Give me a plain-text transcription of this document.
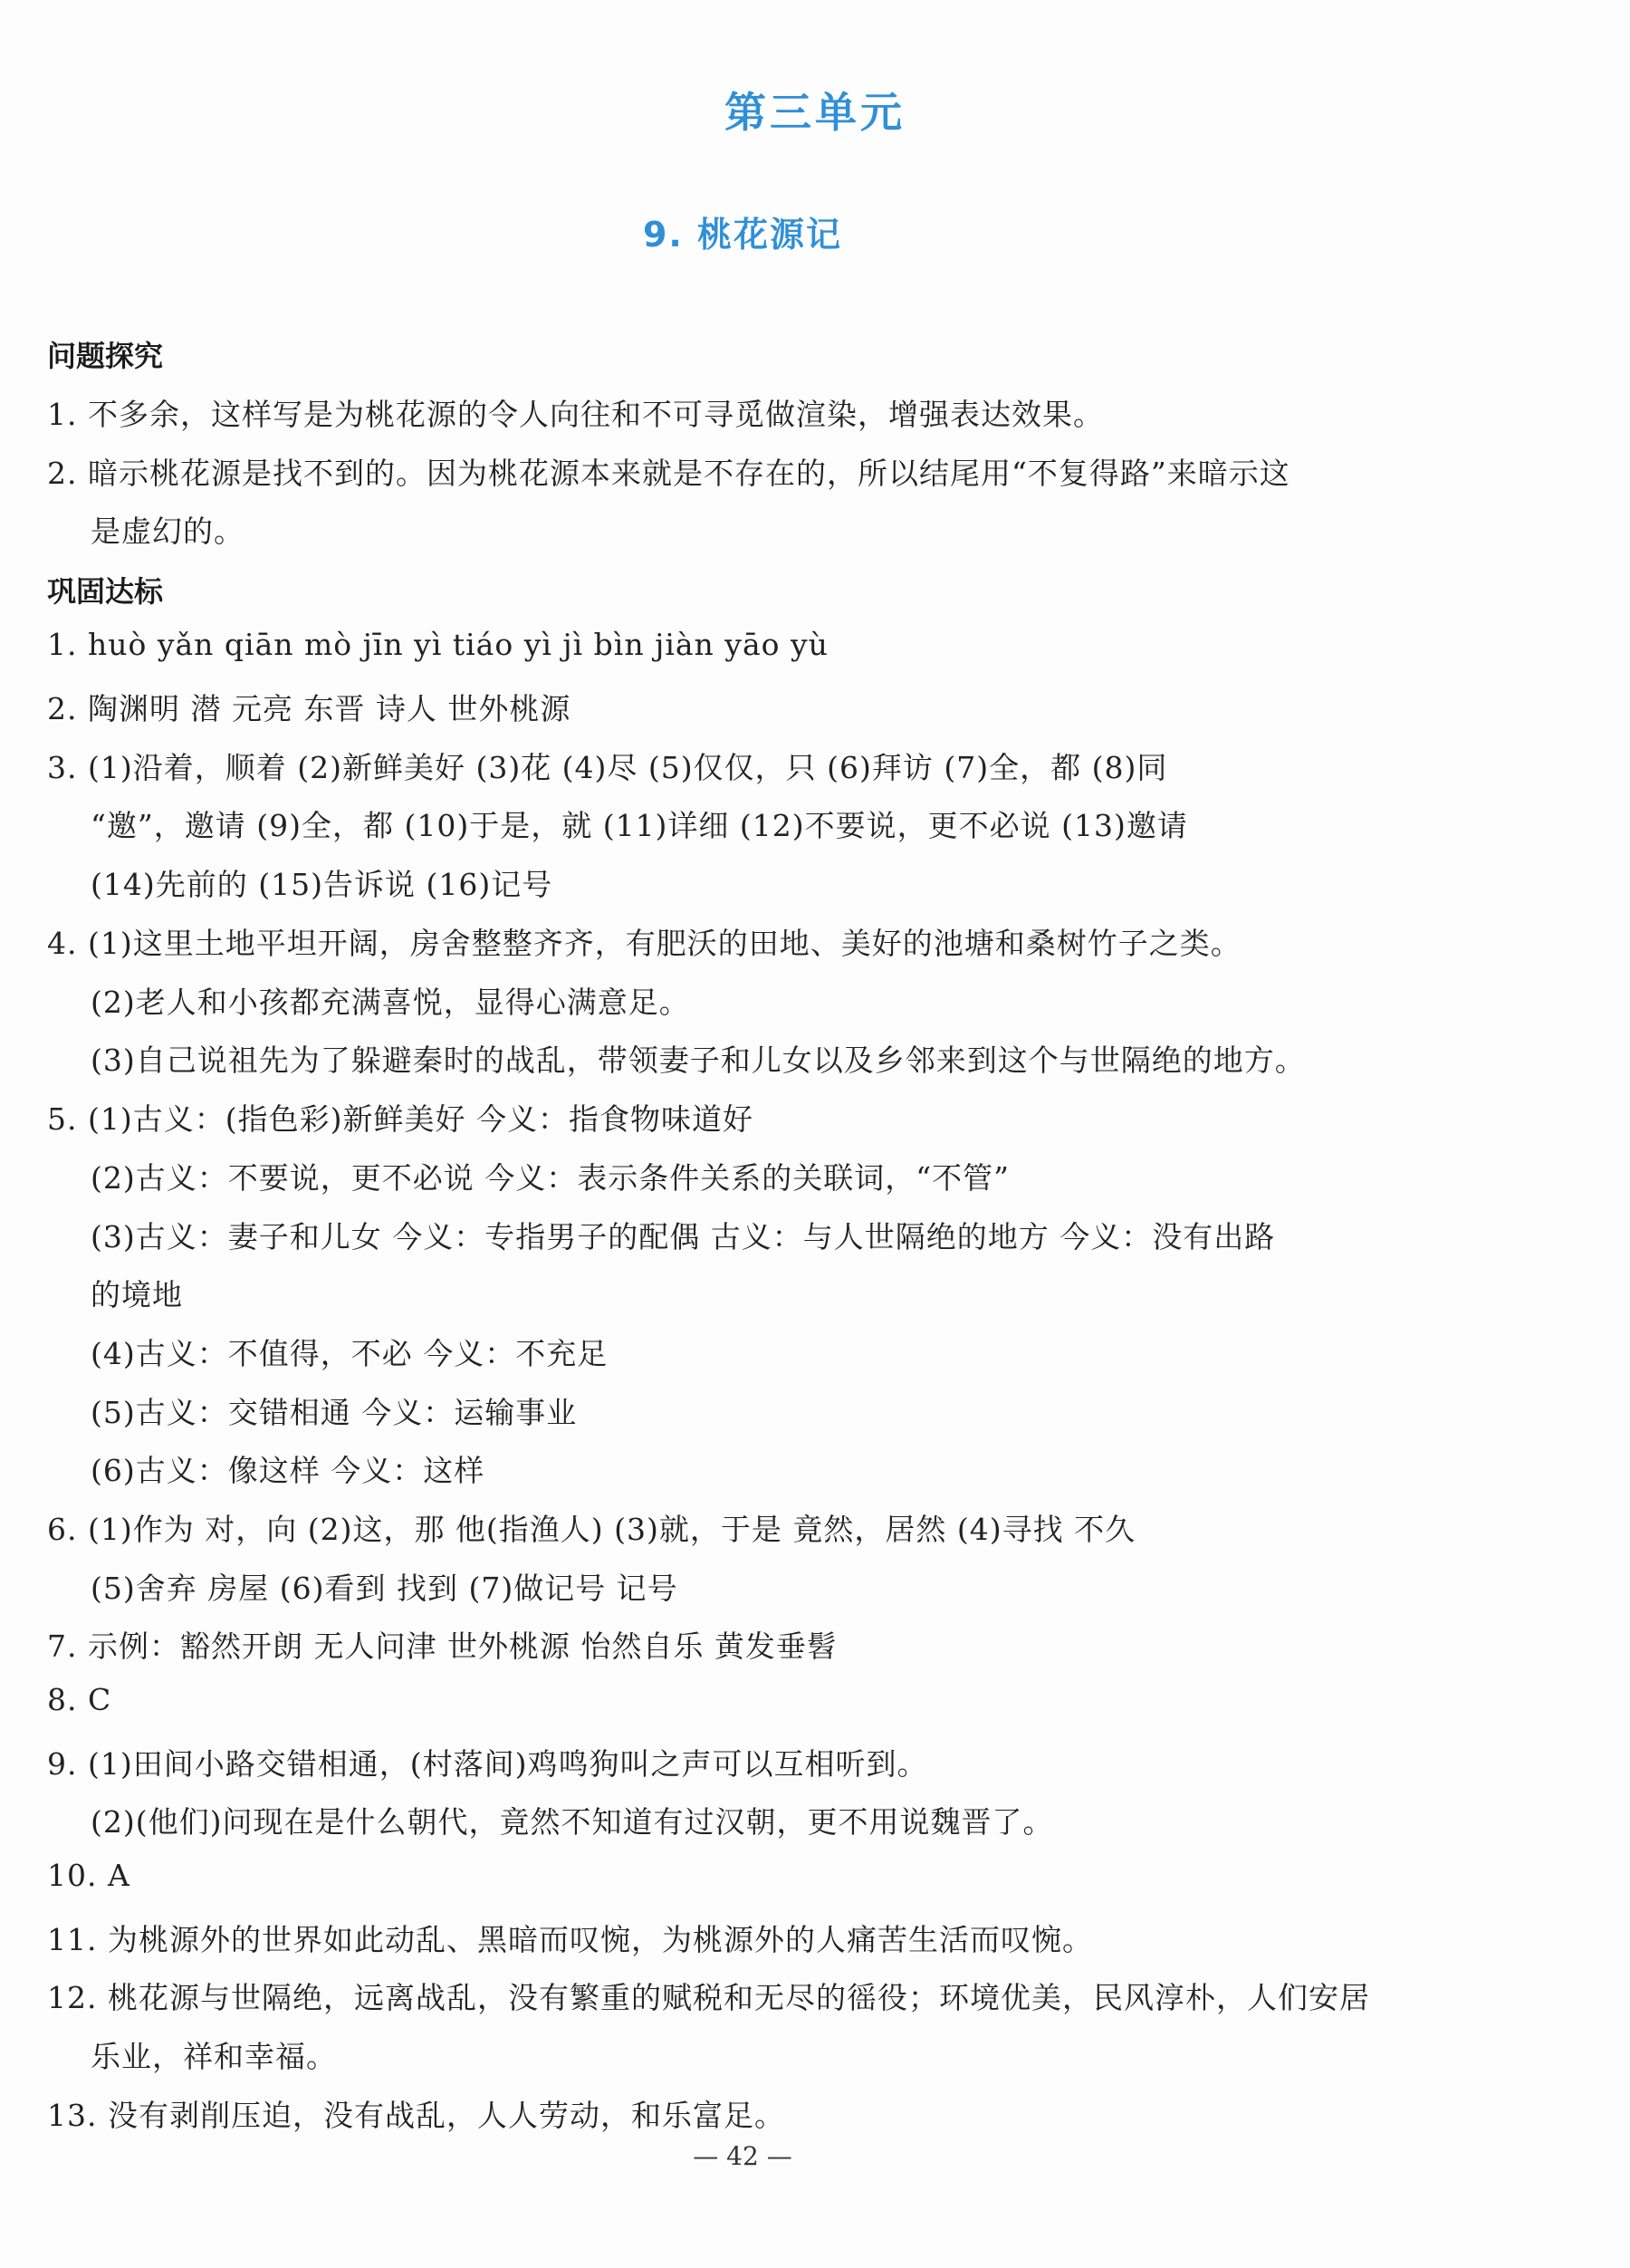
第三单元
9. 桃花源记
问题探究
1. 不多余，这样写是为桃花源的令人向往和不可寻觅做渲染，增强表达效果。
2. 暗示桃花源是找不到的。因为桃花源本来就是不存在的，所以结尾用“不复得路”来暗示这
是虚幻的。
巩固达标
1. huò yǎn qiān mò jīn yì tiáo yì jì bìn jiàn yāo yù
2. 陶渊明 潜 元亮 东晋 诗人 世外桃源
3. (1)沿着，顺着 (2)新鲜美好 (3)花 (4)尽 (5)仅仅，只 (6)拜访 (7)全，都 (8)同
“邀”，邀请 (9)全，都 (10)于是，就 (11)详细 (12)不要说，更不必说 (13)邀请
(14)先前的 (15)告诉说 (16)记号
4. (1)这里土地平坦开阔，房舍整整齐齐，有肥沃的田地、美好的池塘和桑树竹子之类。
(2)老人和小孩都充满喜悦，显得心满意足。
(3)自己说祖先为了躲避秦时的战乱，带领妻子和儿女以及乡邻来到这个与世隔绝的地方。
5. (1)古义：(指色彩)新鲜美好 今义：指食物味道好
(2)古义：不要说，更不必说 今义：表示条件关系的关联词，“不管”
(3)古义：妻子和儿女 今义：专指男子的配偶 古义：与人世隔绝的地方 今义：没有出路
的境地
(4)古义：不值得，不必 今义：不充足
(5)古义：交错相通 今义：运输事业
(6)古义：像这样 今义：这样
6. (1)作为 对，向 (2)这，那 他(指渔人) (3)就，于是 竟然，居然 (4)寻找 不久
(5)舍弃 房屋 (6)看到 找到 (7)做记号 记号
7. 示例：豁然开朗 无人问津 世外桃源 怡然自乐 黄发垂髫
8. C
9. (1)田间小路交错相通，(村落间)鸡鸣狗叫之声可以互相听到。
(2)(他们)问现在是什么朝代，竟然不知道有过汉朝，更不用说魏晋了。
10. A
11. 为桃源外的世界如此动乱、黑暗而叹惋，为桃源外的人痛苦生活而叹惋。
12. 桃花源与世隔绝，远离战乱，没有繁重的赋税和无尽的徭役；环境优美，民风淳朴，人们安居
乐业，祥和幸福。
13. 没有剥削压迫，没有战乱，人人劳动，和乐富足。
— 42 —
